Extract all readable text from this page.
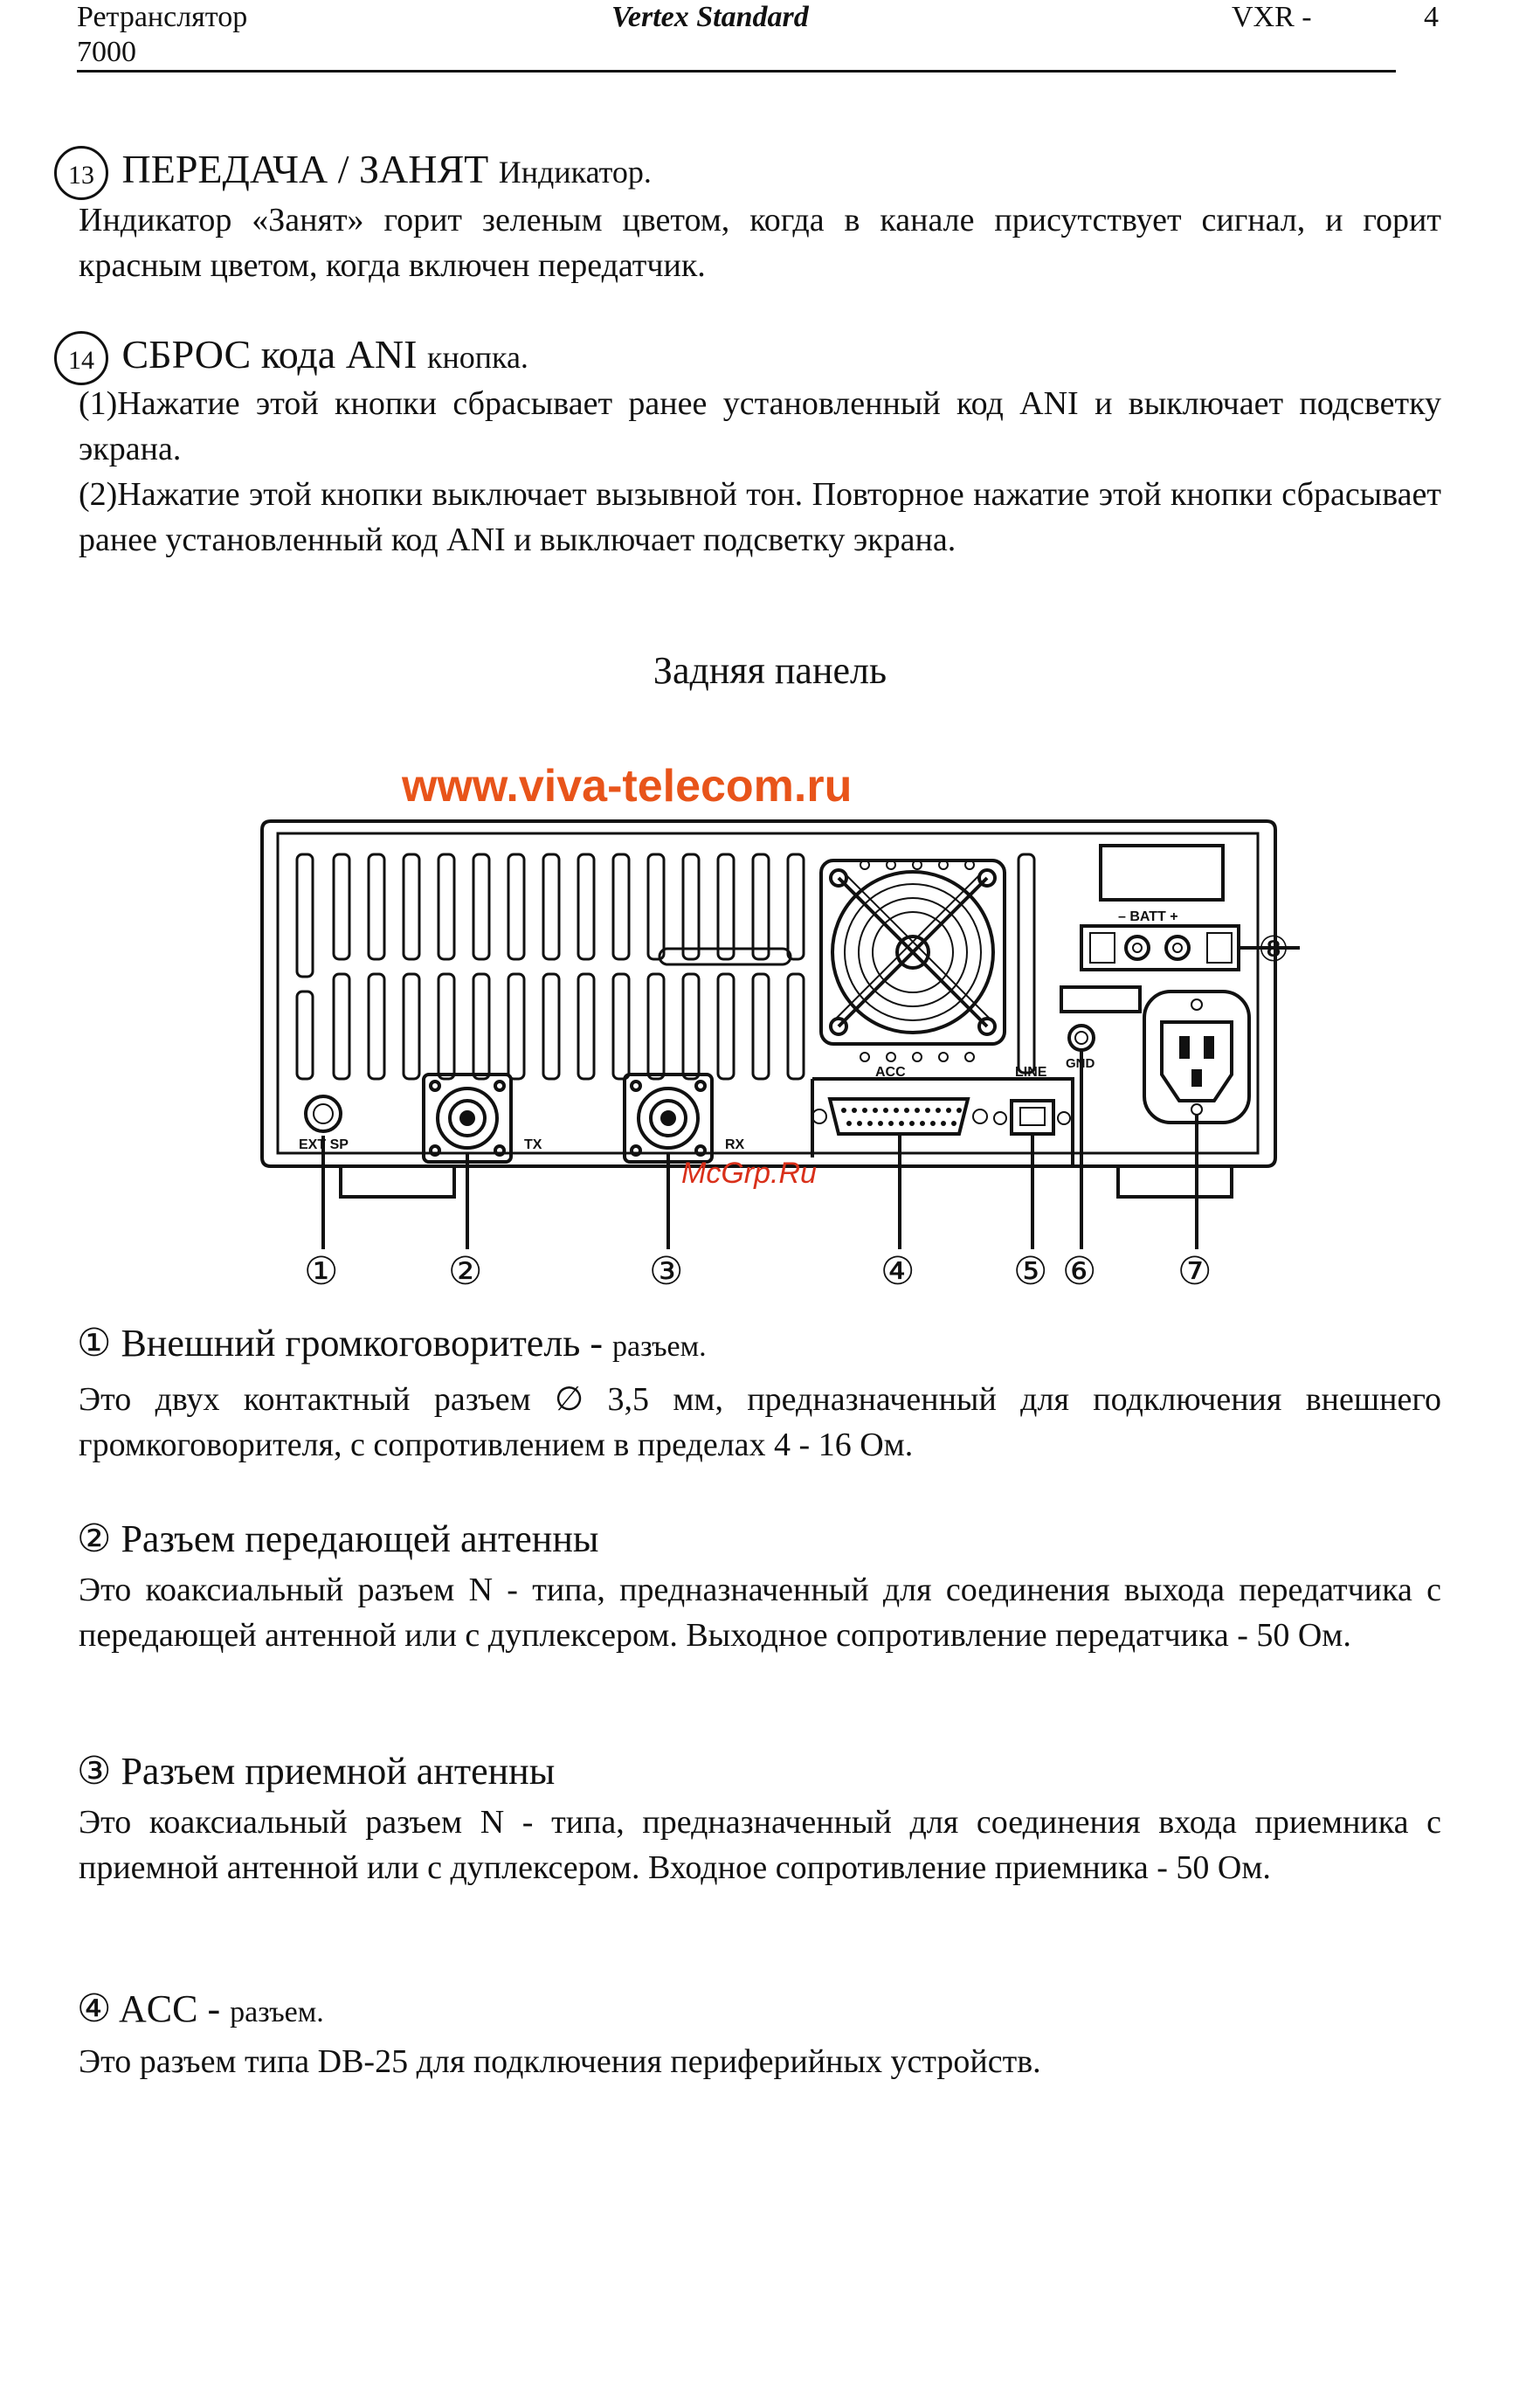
Ретранслятор
7000
Vertex Standard	VXR -	4
13 ПЕРЕДАЧА / ЗАНЯТ Индикатор.

Индикатор «Занят» горит зеленым цветом, когда в канале присутствует сигнал, и горит красным цветом, когда включен передатчик.

14 СБРОС кода ANI кнопка.

(1)Нажатие этой кнопки сбрасывает ранее установленный код ANI и выключает подсветку экрана.

(2)Нажатие этой кнопки выключает вызывной тон. Повторное нажатие этой кнопки сбрасывает ранее установленный код ANI и выключает подсветку экрана.

Задняя панель
www.viva-telecom.ru
EXT SP	TX	RX
ACC	LINE
GND
– BATT +
①	②	③	④	⑤ ⑥ ⑦
⑧
McGrp.Ru
① Внешний громкоговоритель - разъем.

Это двух контактный разъем ∅ 3,5 мм, предназначенный для подключения внешнего громкоговорителя, с сопротивлением в пределах 4 - 16 Ом.

② Разъем передающей антенны

Это коаксиальный разъем N - типа, предназначенный для соединения выхода передатчика с передающей антенной или с дуплексером. Выходное сопротивление передатчика - 50 Ом.

③ Разъем приемной антенны

Это коаксиальный разъем N - типа, предназначенный для соединения входа приемника с приемной антенной или с дуплексером. Входное сопротивление приемника - 50 Ом.

④ ACC - разъем.

Это разъем типа DB-25 для подключения периферийных устройств.
